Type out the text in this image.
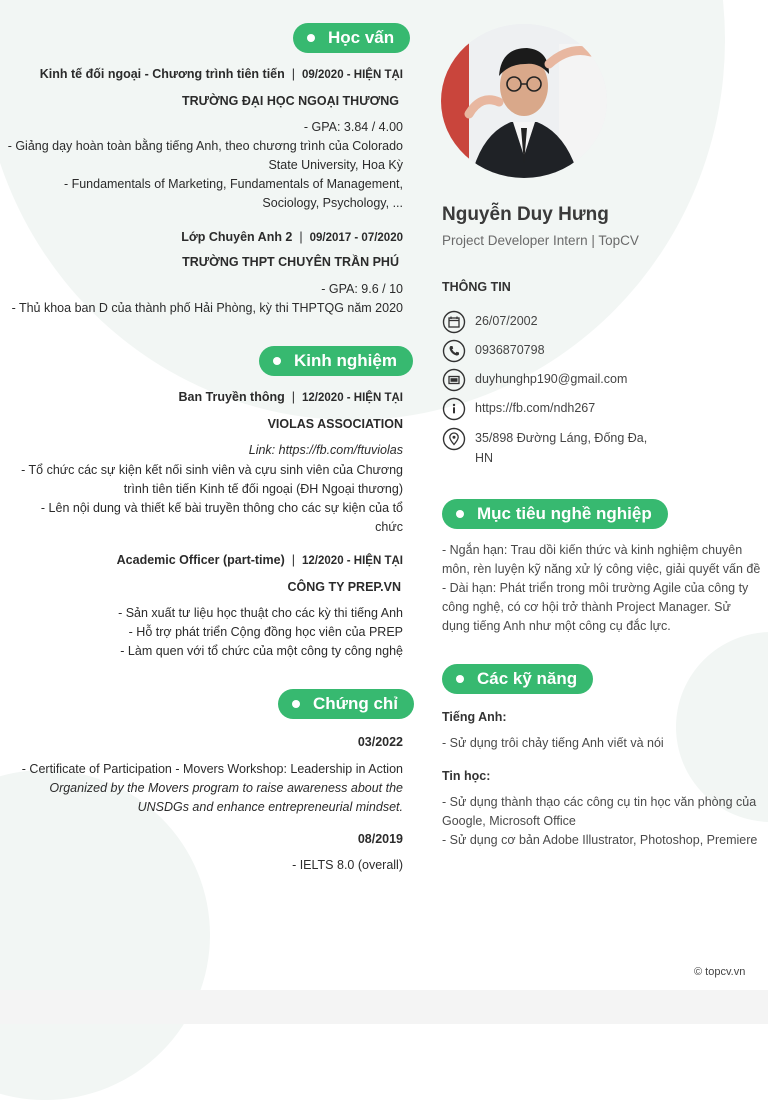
Học vấn
Kinh tế đối ngoại - Chương trình tiên tiến | 09/2020 - HIỆN TẠI
TRƯỜNG ĐẠI HỌC NGOẠI THƯƠNG
- GPA: 3.84 / 4.00
- Giảng dạy hoàn toàn bằng tiếng Anh, theo chương trình của Colorado
State University, Hoa Kỳ
- Fundamentals of Marketing, Fundamentals of Management,
Sociology, Psychology, ...
Lớp Chuyên Anh 2 | 09/2017 - 07/2020
TRƯỜNG THPT CHUYÊN TRẦN PHÚ
- GPA: 9.6 / 10
- Thủ khoa ban D của thành phố Hải Phòng, kỳ thi THPTQG năm 2020
Kinh nghiệm
Ban Truyền thông | 12/2020 - HIỆN TẠI
VIOLAS ASSOCIATION
Link: https://fb.com/ftuviolas
- Tổ chức các sự kiện kết nối sinh viên và cựu sinh viên của Chương
trình tiên tiến Kinh tế đối ngoại (ĐH Ngoại thương)
- Lên nội dung và thiết kế bài truyền thông cho các sự kiện của tổ
chức
Academic Officer (part-time) | 12/2020 - HIỆN TẠI
CÔNG TY PREP.VN
- Sản xuất tư liệu học thuật cho các kỳ thi tiếng Anh
- Hỗ trợ phát triển Cộng đồng học viên của PREP
- Làm quen với tổ chức của một công ty công nghệ
Chứng chỉ
03/2022
- Certificate of Participation - Movers Workshop: Leadership in Action
Organized by the Movers program to raise awareness about the
UNSDGs and enhance entrepreneurial mindset.
08/2019
- IELTS 8.0 (overall)
Nguyễn Duy Hưng
Project Developer Intern | TopCV
THÔNG TIN
26/07/2002
0936870798
duyhunghp190@gmail.com
https://fb.com/ndh267
35/898 Đường Láng, Đống Đa, HN
Mục tiêu nghề nghiệp
- Ngắn hạn: Trau dồi kiến thức và kinh nghiệm chuyên
môn, rèn luyện kỹ năng xử lý công việc, giải quyết vấn đề
- Dài hạn: Phát triển trong môi trường Agile của công ty
công nghệ, có cơ hội trở thành Project Manager. Sử
dụng tiếng Anh như một công cụ đắc lực.
Các kỹ năng
Tiếng Anh:
- Sử dụng trôi chảy tiếng Anh viết và nói
Tin học:
- Sử dụng thành thạo các công cụ tin học văn phòng của
Google, Microsoft Office
- Sử dụng cơ bản Adobe Illustrator, Photoshop, Premiere
© topcv.vn
